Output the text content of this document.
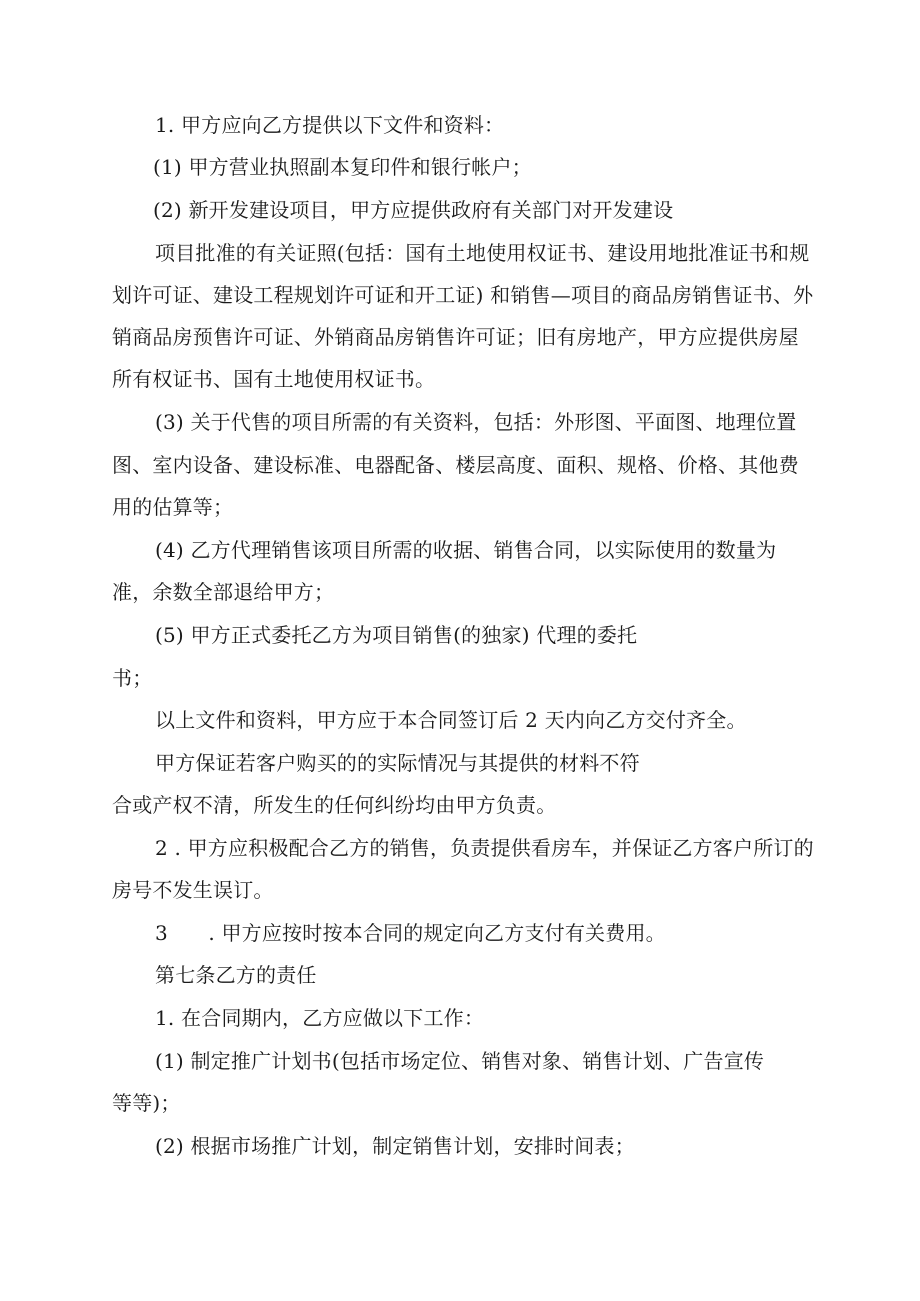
1. 甲方应向乙方提供以下文件和资料：

(1) 甲方营业执照副本复印件和银行帐户；

(2) 新开发建设项目，甲方应提供政府有关部门对开发建设

项目批准的有关证照(包括：国有土地使用权证书、建设用地批准证书和规

划许可证、建设工程规划许可证和开工证) 和销售—项目的商品房销售证书、外

销商品房预售许可证、外销商品房销售许可证；旧有房地产，甲方应提供房屋

所有权证书、国有土地使用权证书。

(3) 关于代售的项目所需的有关资料，包括：外形图、平面图、地理位置

图、室内设备、建设标准、电器配备、楼层高度、面积、规格、价格、其他费

用的估算等；

(4) 乙方代理销售该项目所需的收据、销售合同，以实际使用的数量为

准，余数全部退给甲方；

(5) 甲方正式委托乙方为项目销售(的独家) 代理的委托

书；

以上文件和资料，甲方应于本合同签订后 2 天内向乙方交付齐全。

甲方保证若客户购买的的实际情况与其提供的材料不符

合或产权不清，所发生的任何纠纷均由甲方负责。

2 . 甲方应积极配合乙方的销售，负责提供看房车，并保证乙方客户所订的

房号不发生误订。

3　　. 甲方应按时按本合同的规定向乙方支付有关费用。

第七条乙方的责任

1. 在合同期内，乙方应做以下工作：

(1) 制定推广计划书(包括市场定位、销售对象、销售计划、广告宣传

等等)；

(2) 根据市场推广计划，制定销售计划，安排时间表；
